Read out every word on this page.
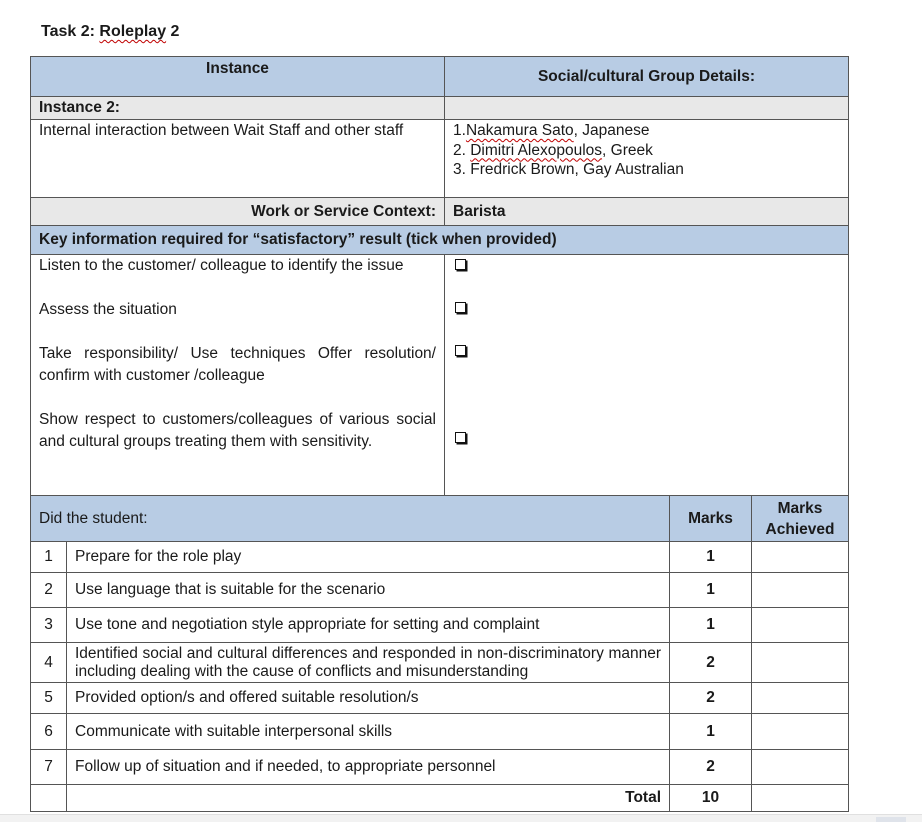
Task 2: Roleplay 2
Instance	Social/cultural Group Details:
Instance 2:	
Internal interaction between Wait Staff and other staff	1.Nakamura Sato, Japanese
2. Dimitri Alexopoulos, Greek
3. Fredrick Brown, Gay Australian

Work or Service Context:	Barista
Key information required for “satisfactory” result (tick when provided)	

Listen to the customer/ colleague to identify the issue
Assess the situation
Take responsibility/ Use techniques Offer resolution/ confirm with customer /colleague
Show respect to customers/colleagues of various social and cultural groups treating them with sensitivity.	

Did the student:		Marks	Marks Achieved
1	Prepare for the role play	1	
2	Use language that is suitable for the scenario	1	
3	Use tone and negotiation style appropriate for setting and complaint	1	
4	Identified social and cultural differences and responded in non-discriminatory manner including dealing with the cause of conflicts and misunderstanding	2	
5	Provided option/s and offered suitable resolution/s	2	
6	Communicate with suitable interpersonal skills	1	
7	Follow up of situation and if needed, to appropriate personnel	2	
	Total	10	
